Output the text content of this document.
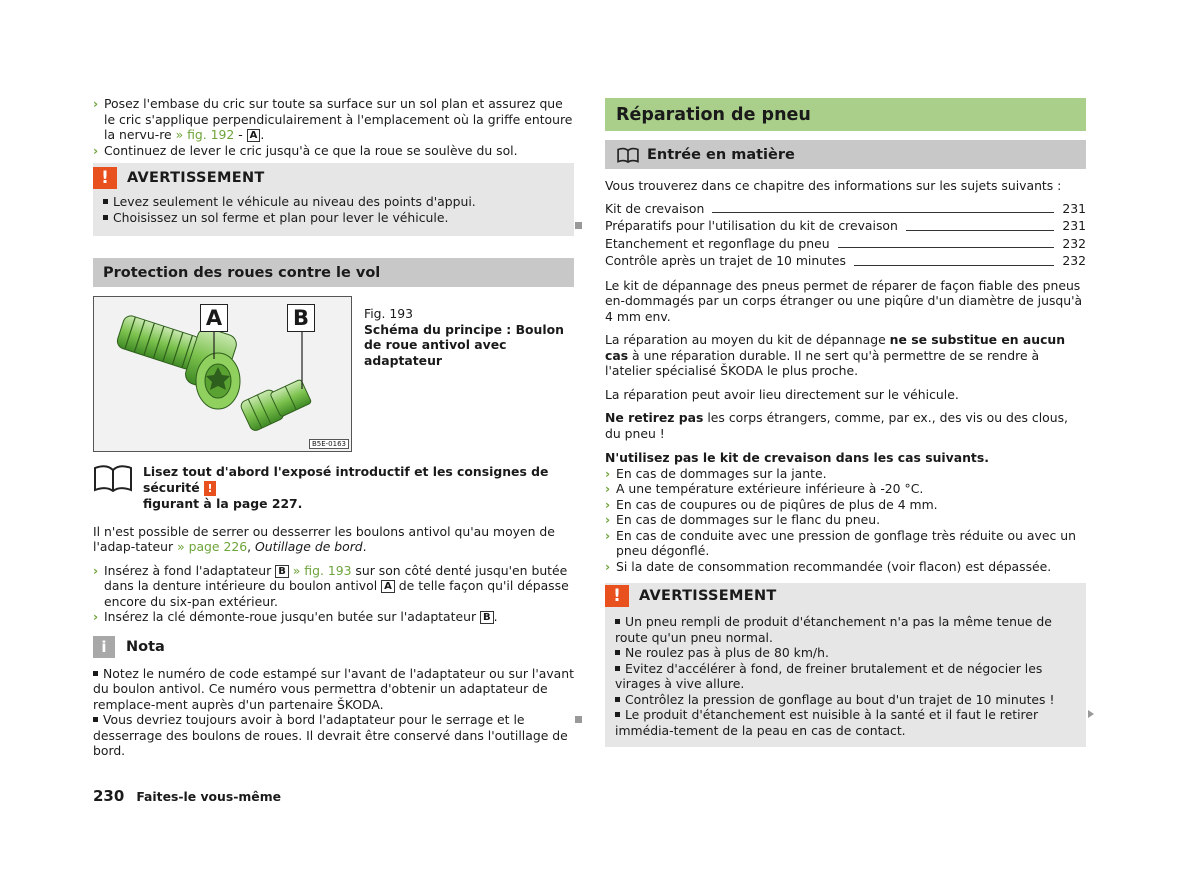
› Posez l'embase du cric sur toute sa surface sur un sol plan et assurez que le cric s'applique perpendiculairement à l'emplacement où la griffe entoure la nervu-re » fig. 192 - A .
› Continuez de lever le cric jusqu'à ce que la roue se soulève du sol.
!	AVERTISSEMENT

Levez seulement le véhicule au niveau des points d'appui.

Choisissez un sol ferme et plan pour lever le véhicule.

Protection des roues contre le vol
A	B
B5E-0163

Fig. 193

Schéma du principe : Boulon de roue antivol avec adaptateur

Lisez tout d'abord l'exposé introductif et les consignes de sécurité !
figurant à la page 227.

Il n'est possible de serrer ou desserrer les boulons antivol qu'au moyen de l'adap-tateur » page 226, Outillage de bord.

› Insérez à fond l'adaptateur B » fig. 193 sur son côté denté jusqu'en butée dans la denture intérieure du boulon antivol A de telle façon qu'il dépasse encore du six-pan extérieur.
› Insérez la clé démonte-roue jusqu'en butée sur l'adaptateur B .
i	Nota

Notez le numéro de code estampé sur l'avant de l'adaptateur ou sur l'avant du boulon antivol. Ce numéro vous permettra d'obtenir un adaptateur de remplace-ment auprès d'un partenaire ŠKODA.

Vous devriez toujours avoir à bord l'adaptateur pour le serrage et le desserrage des boulons de roues. Il devrait être conservé dans l'outillage de bord.

Réparation de pneu
Entrée en matière

Vous trouverez dans ce chapitre des informations sur les sujets suivants :

Kit de crevaison	231
Préparatifs pour l'utilisation du kit de crevaison	231
Etanchement et regonflage du pneu	232
Contrôle après un trajet de 10 minutes	232

Le kit de dépannage des pneus permet de réparer de façon fiable des pneus en-dommagés par un corps étranger ou une piqûre d'un diamètre de jusqu'à 4 mm env.

La réparation au moyen du kit de dépannage ne se substitue en aucun cas à une réparation durable. Il ne sert qu'à permettre de se rendre à l'atelier spécialisé ŠKODA le plus proche.

La réparation peut avoir lieu directement sur le véhicule.

Ne retirez pas les corps étrangers, comme, par ex., des vis ou des clous, du pneu !

N'utilisez pas le kit de crevaison dans les cas suivants.

› En cas de dommages sur la jante.
› A une température extérieure inférieure à -20 °C.
› En cas de coupures ou de piqûres de plus de 4 mm.
› En cas de dommages sur le flanc du pneu.
› En cas de conduite avec une pression de gonflage très réduite ou avec un pneu dégonflé.
› Si la date de consommation recommandée (voir flacon) est dépassée.
!	AVERTISSEMENT

Un pneu rempli de produit d'étanchement n'a pas la même tenue de route qu'un pneu normal.

Ne roulez pas à plus de 80 km/h.

Evitez d'accélérer à fond, de freiner brutalement et de négocier les virages à vive allure.

Contrôlez la pression de gonflage au bout d'un trajet de 10 minutes !

Le produit d'étanchement est nuisible à la santé et il faut le retirer immédia-tement de la peau en cas de contact.

230 Faites-le vous-même
